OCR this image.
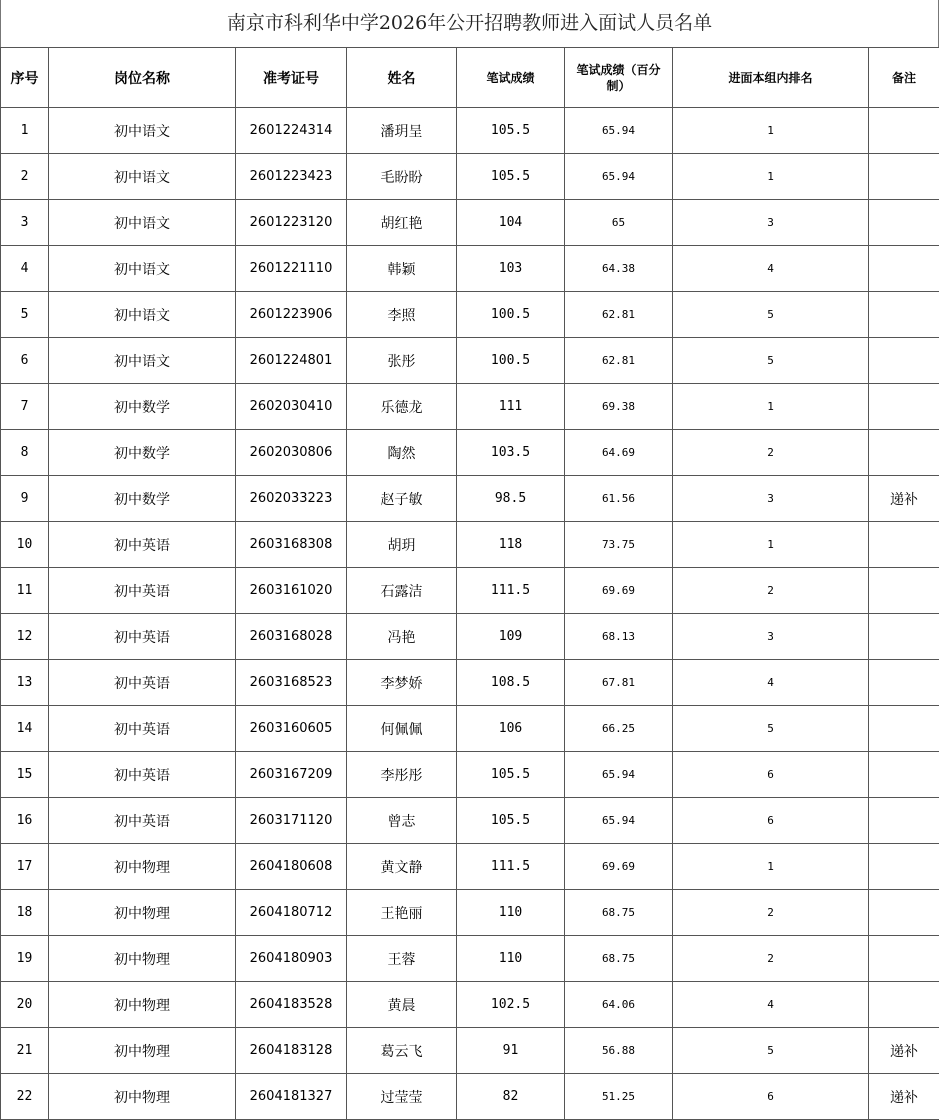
南京市科利华中学2026年公开招聘教师进入面试人员名单
序号	岗位名称	准考证号	姓名	笔试成绩	笔试成绩（百分制）	进面本组内排名	备注
1	初中语文	2601224314	潘玥呈	105.5	65.94	1	
2	初中语文	2601223423	毛盼盼	105.5	65.94	1	
3	初中语文	2601223120	胡红艳	104	65	3	
4	初中语文	2601221110	韩颖	103	64.38	4	
5	初中语文	2601223906	李照	100.5	62.81	5	
6	初中语文	2601224801	张彤	100.5	62.81	5	
7	初中数学	2602030410	乐德龙	111	69.38	1	
8	初中数学	2602030806	陶然	103.5	64.69	2	
9	初中数学	2602033223	赵子敏	98.5	61.56	3	递补
10	初中英语	2603168308	胡玥	118	73.75	1	
11	初中英语	2603161020	石露洁	111.5	69.69	2	
12	初中英语	2603168028	冯艳	109	68.13	3	
13	初中英语	2603168523	李梦娇	108.5	67.81	4	
14	初中英语	2603160605	何佩佩	106	66.25	5	
15	初中英语	2603167209	李彤彤	105.5	65.94	6	
16	初中英语	2603171120	曾志	105.5	65.94	6	
17	初中物理	2604180608	黄文静	111.5	69.69	1	
18	初中物理	2604180712	王艳丽	110	68.75	2	
19	初中物理	2604180903	王蓉	110	68.75	2	
20	初中物理	2604183528	黄晨	102.5	64.06	4	
21	初中物理	2604183128	葛云飞	91	56.88	5	递补
22	初中物理	2604181327	过莹莹	82	51.25	6	递补
